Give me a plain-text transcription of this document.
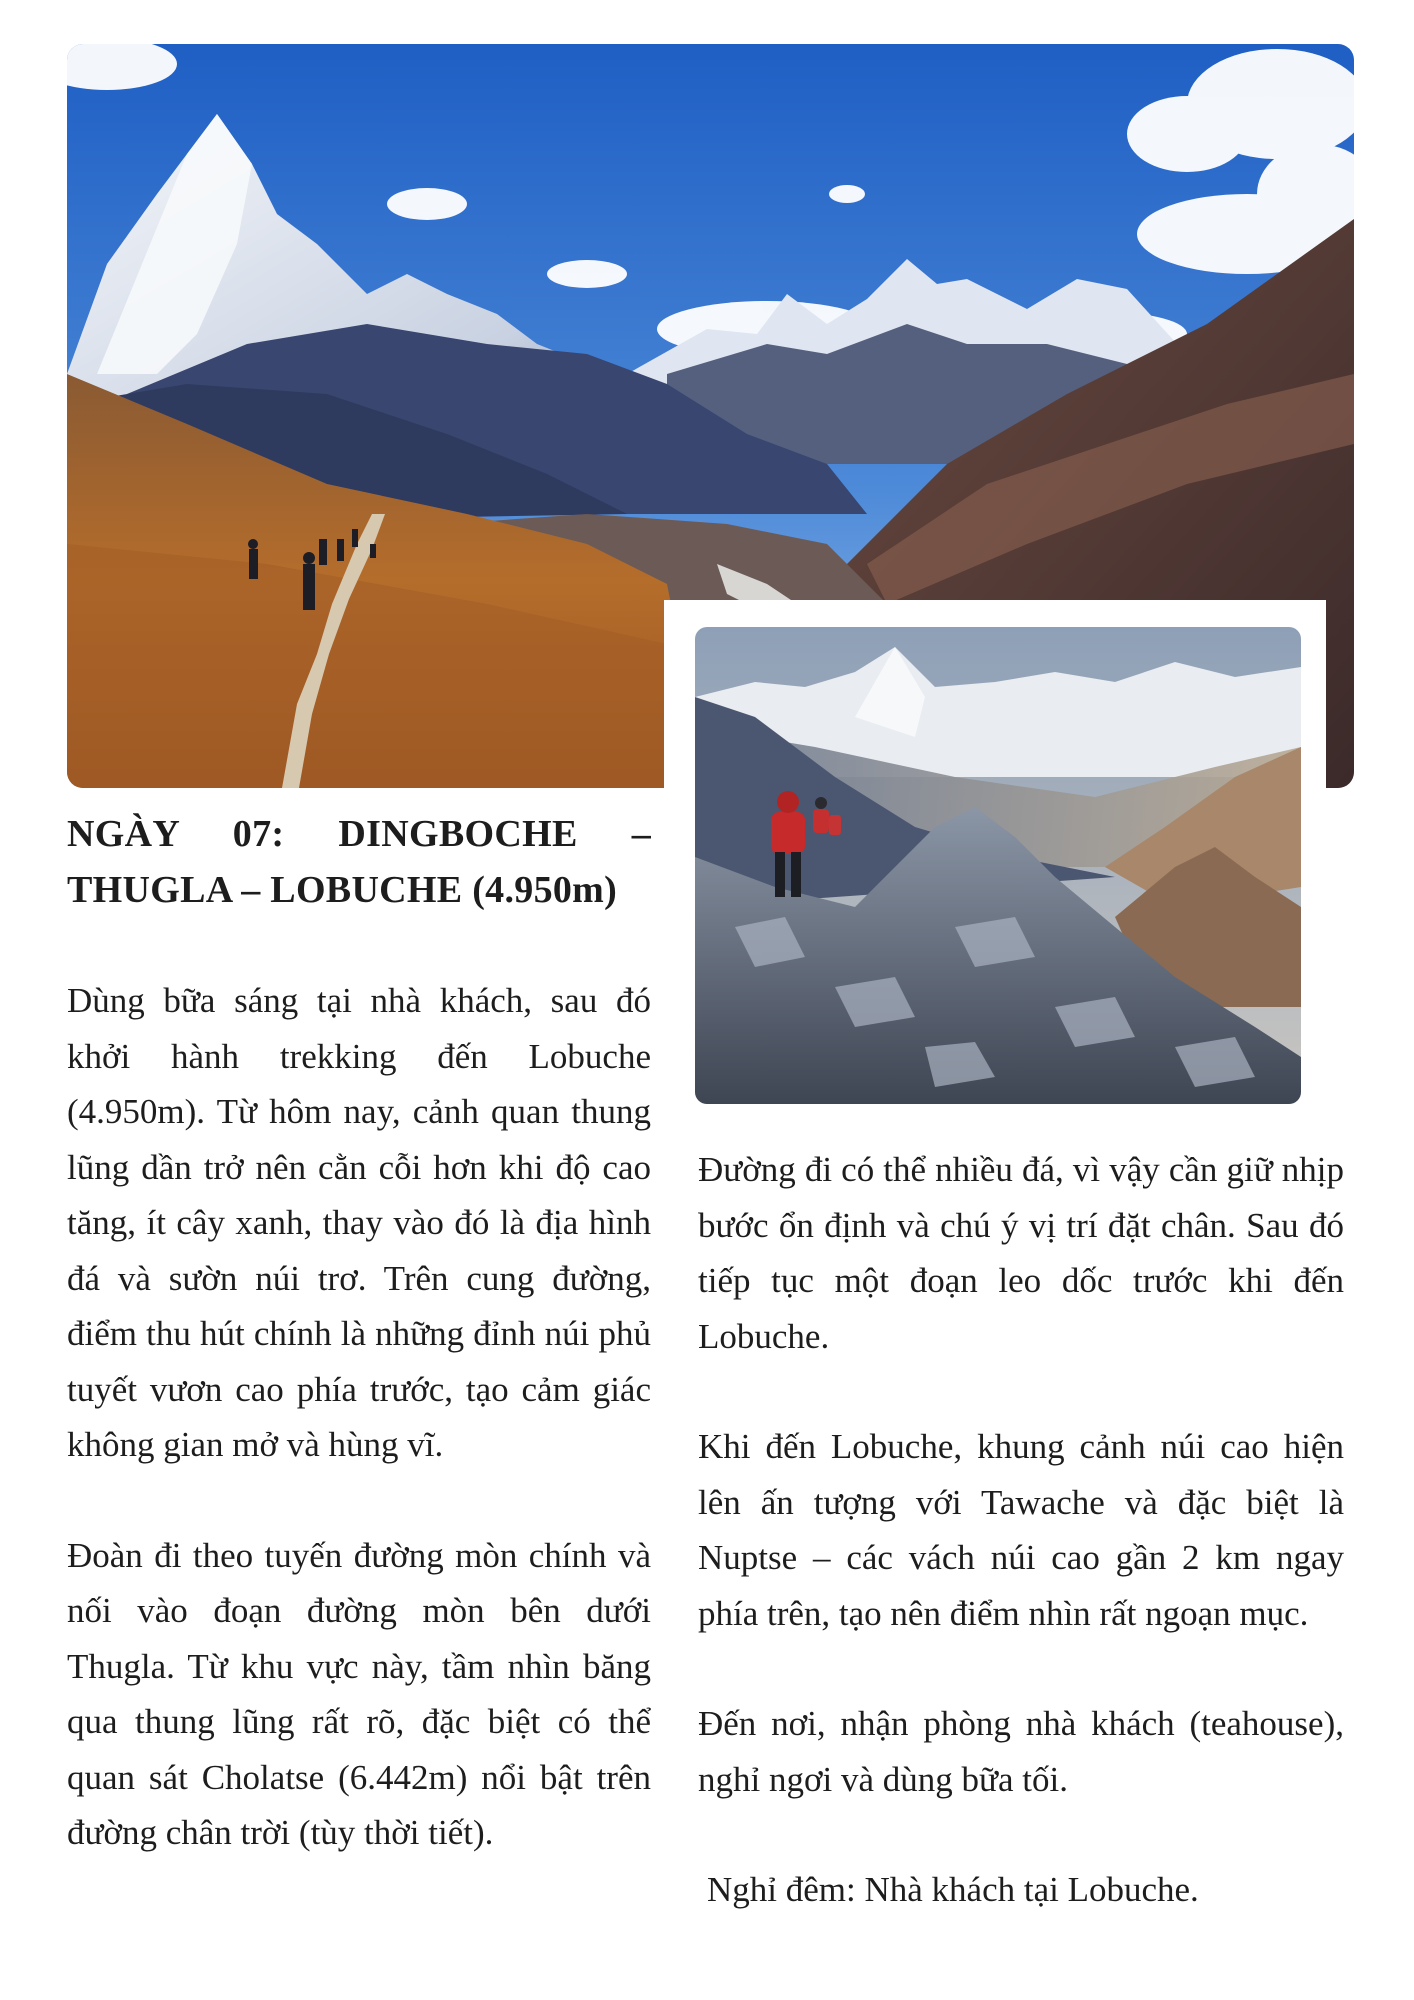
NGÀY 07: DINGBOCHE – THUGLA – LOBUCHE (4.950m)

Dùng bữa sáng tại nhà khách, sau đó khởi hành trekking đến Lobuche (4.950m). Từ hôm nay, cảnh quan thung lũng dần trở nên cằn cỗi hơn khi độ cao tăng, ít cây xanh, thay vào đó là địa hình đá và sườn núi trơ. Trên cung đường, điểm thu hút chính là những đỉnh núi phủ tuyết vươn cao phía trước, tạo cảm giác không gian mở và hùng vĩ.

Đoàn đi theo tuyến đường mòn chính và nối vào đoạn đường mòn bên dưới Thugla. Từ khu vực này, tầm nhìn băng qua thung lũng rất rõ, đặc biệt có thể quan sát Cholatse (6.442m) nổi bật trên đường chân trời (tùy thời tiết).

Đường đi có thể nhiều đá, vì vậy cần giữ nhịp bước ổn định và chú ý vị trí đặt chân. Sau đó tiếp tục một đoạn leo dốc trước khi đến Lobuche.

Khi đến Lobuche, khung cảnh núi cao hiện lên ấn tượng với Tawache và đặc biệt là Nuptse – các vách núi cao gần 2 km ngay phía trên, tạo nên điểm nhìn rất ngoạn mục.

Đến nơi, nhận phòng nhà khách (teahouse), nghỉ ngơi và dùng bữa tối.

Nghỉ đêm: Nhà khách tại Lobuche.
